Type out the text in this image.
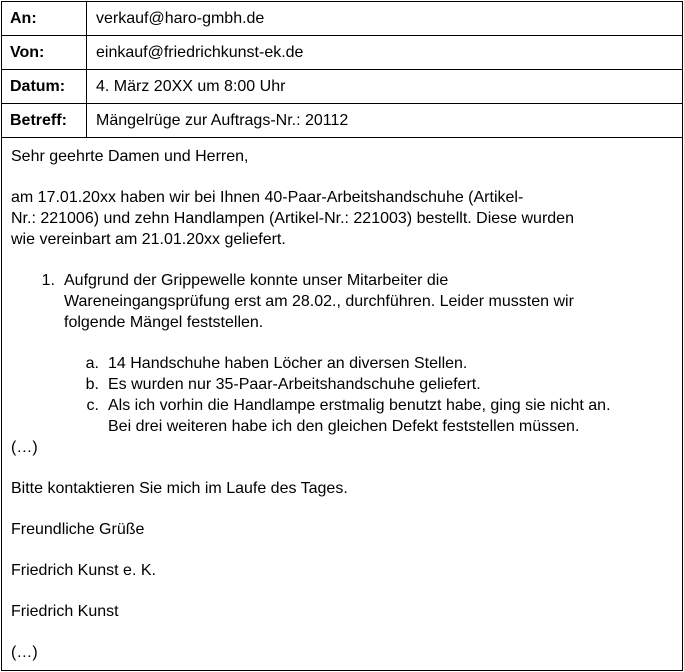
An:	verkauf@haro-gmbh.de
Von:	einkauf@friedrichkunst-ek.de
Datum:	4. März 20XX um 8:00 Uhr
Betreff:	Mängelrüge zur Auftrags-Nr.: 20112

Sehr geehrte Damen und Herren,

am 17.01.20xx haben wir bei Ihnen 40-Paar-Arbeitshandschuhe (Artikel-

Nr.: 221006) und zehn Handlampen (Artikel-Nr.: 221003) bestellt. Diese wurden

wie vereinbart am 21.01.20xx geliefert.

1. Aufgrund der Grippewelle konnte unser Mitarbeiter die
Wareneingangsprüfung erst am 28.02., durchführen. Leider mussten wir
folgende Mängel feststellen.
a. 14 Handschuhe haben Löcher an diversen Stellen.
b. Es wurden nur 35-Paar-Arbeitshandschuhe geliefert.
c. Als ich vorhin die Handlampe erstmalig benutzt habe, ging sie nicht an.
Bei drei weiteren habe ich den gleichen Defekt feststellen müssen.

(…)

Bitte kontaktieren Sie mich im Laufe des Tages.

Freundliche Grüße

Friedrich Kunst e. K.

Friedrich Kunst

(…)
